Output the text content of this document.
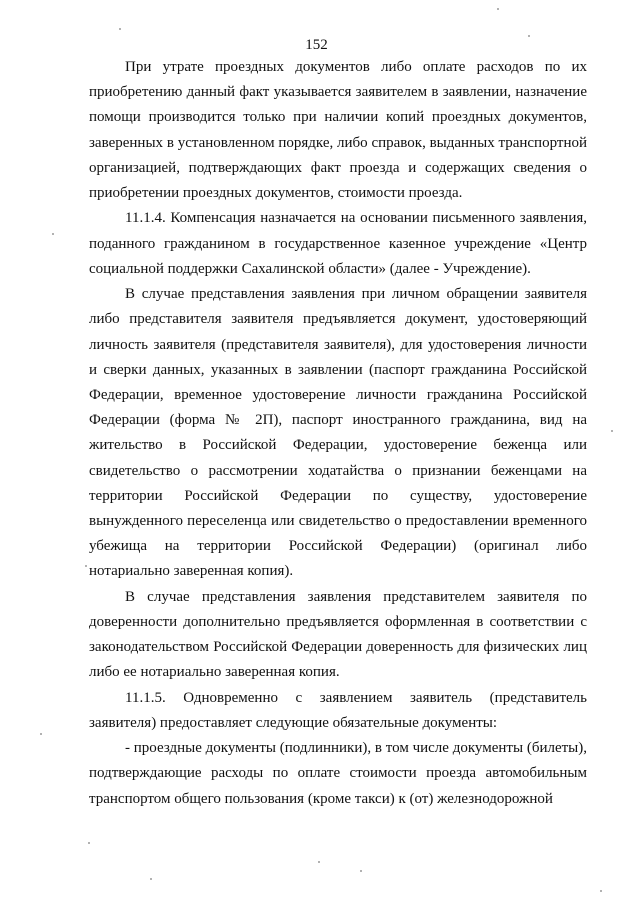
152

При утрате проездных документов либо оплате расходов по их приобретению данный факт указывается заявителем в заявлении, назначение помощи производится только при наличии копий проездных документов, заверенных в установленном порядке, либо справок, выданных транспортной организацией, подтверждающих факт проезда и содержащих сведения о приобретении проездных документов, стоимости проезда.

11.1.4. Компенсация назначается на основании письменного заявления, поданного гражданином в государственное казенное учреждение «Центр социальной поддержки Сахалинской области» (далее - Учреждение).

В случае представления заявления при личном обращении заявителя либо представителя заявителя предъявляется документ, удостоверяющий личность заявителя (представителя заявителя), для удостоверения личности и сверки данных, указанных в заявлении (паспорт гражданина Российской Федерации, временное удостоверение личности гражданина Российской Федерации (форма № 2П), паспорт иностранного гражданина, вид на жительство в Российской Федерации, удостоверение беженца или свидетельство о рассмотрении ходатайства о признании беженцами на территории Российской Федерации по существу, удостоверение вынужденного переселенца или свидетельство о предоставлении временного убежища на территории Российской Федерации) (оригинал либо нотариально заверенная копия).

В случае представления заявления представителем заявителя по доверенности дополнительно предъявляется оформленная в соответствии с законодательством Российской Федерации доверенность для физических лиц либо ее нотариально заверенная копия.

11.1.5. Одновременно с заявлением заявитель (представитель заявителя) предоставляет следующие обязательные документы:

- проездные документы (подлинники), в том числе документы (билеты), подтверждающие расходы по оплате стоимости проезда автомобильным транспортом общего пользования (кроме такси) к (от) железнодорожной
